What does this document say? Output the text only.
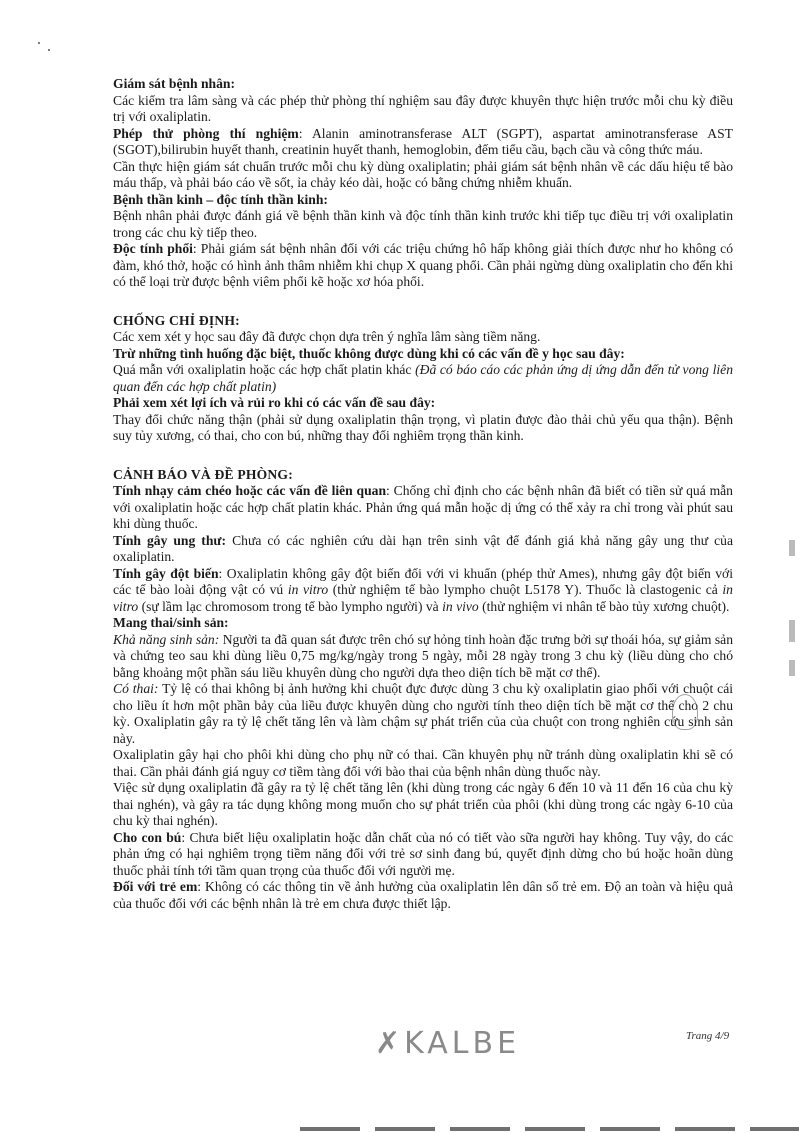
Giám sát bệnh nhân:

Các kiểm tra lâm sàng và các phép thử phòng thí nghiệm sau đây được khuyên thực hiện trước mỗi chu kỳ điều trị với oxaliplatin.

Phép thử phòng thí nghiệm: Alanin aminotransferase ALT (SGPT), aspartat aminotransferase AST (SGOT),bilirubin huyết thanh, creatinin huyết thanh, hemoglobin, đếm tiểu cầu, bạch cầu và công thức máu.

Cần thực hiện giám sát chuẩn trước mỗi chu kỳ dùng oxaliplatin; phải giám sát bệnh nhân về các dấu hiệu tế bào máu thấp, và phải báo cáo về sốt, ỉa chảy kéo dài, hoặc có bằng chứng nhiễm khuẩn.

Bệnh thần kinh – độc tính thần kinh:

Bệnh nhân phải được đánh giá về bệnh thần kinh và độc tính thần kinh trước khi tiếp tục điều trị với oxaliplatin trong các chu kỳ tiếp theo.

Độc tính phổi: Phải giám sát bệnh nhân đối với các triệu chứng hô hấp không giải thích được như ho không có đàm, khó thở, hoặc có hình ảnh thâm nhiễm khi chụp X quang phổi. Cần phải ngừng dùng oxaliplatin cho đến khi có thể loại trừ được bệnh viêm phổi kẽ hoặc xơ hóa phổi.

CHỐNG CHỈ ĐỊNH:

Các xem xét y học sau đây đã được chọn dựa trên ý nghĩa lâm sàng tiềm năng.

Trừ những tình huống đặc biệt, thuốc không được dùng khi có các vấn đề y học sau đây:

Quá mẫn với oxaliplatin hoặc các hợp chất platin khác (Đã có báo cáo các phản ứng dị ứng dẫn đến tử vong liên quan đến các hợp chất platin)

Phải xem xét lợi ích và rủi ro khi có các vấn đề sau đây:

Thay đổi chức năng thận (phải sử dụng oxaliplatin thận trọng, vì platin được đào thải chủ yếu qua thận). Bệnh suy tủy xương, có thai, cho con bú, những thay đổi nghiêm trọng thần kinh.

CẢNH BÁO VÀ ĐỀ PHÒNG:

Tính nhạy cảm chéo hoặc các vấn đề liên quan: Chống chỉ định cho các bệnh nhân đã biết có tiền sử quá mẫn với oxaliplatin hoặc các hợp chất platin khác. Phản ứng quá mẫn hoặc dị ứng có thể xảy ra chỉ trong vài phút sau khi dùng thuốc.

Tính gây ung thư: Chưa có các nghiên cứu dài hạn trên sinh vật để đánh giá khả năng gây ung thư của oxaliplatin.

Tính gây đột biến: Oxaliplatin không gây đột biến đối với vi khuẩn (phép thử Ames), nhưng gây đột biến với các tế bào loài động vật có vú in vitro (thử nghiệm tế bào lympho chuột L5178 Y). Thuốc là clastogenic cả in vitro (sự lầm lạc chromosom trong tế bào lympho người) và in vivo (thử nghiệm vi nhân tế bào tủy xương chuột).

Mang thai/sinh sản:

Khả năng sinh sản: Người ta đã quan sát được trên chó sự hỏng tinh hoàn đặc trưng bởi sự thoái hóa, sự giảm sản và chứng teo sau khi dùng liều 0,75 mg/kg/ngày trong 5 ngày, mỗi 28 ngày trong 3 chu kỳ (liều dùng cho chó bằng khoảng một phần sáu liều khuyên dùng cho người dựa theo diện tích bề mặt cơ thể).

Có thai: Tỷ lệ có thai không bị ảnh hưởng khi chuột đực được dùng 3 chu kỳ oxaliplatin giao phối với chuột cái cho liều ít hơn một phần bảy của liều được khuyên dùng cho người tính theo diện tích bề mặt cơ thể cho 2 chu kỳ. Oxaliplatin gây ra tỷ lệ chết tăng lên và làm chậm sự phát triển của của chuột con trong nghiên cứu sinh sản này.

Oxaliplatin gây hại cho phôi khi dùng cho phụ nữ có thai. Cần khuyên phụ nữ tránh dùng oxaliplatin khi sẽ có thai. Cần phải đánh giá nguy cơ tiềm tàng đối với bào thai của bệnh nhân dùng thuốc này.

Việc sử dụng oxaliplatin đã gây ra tỷ lệ chết tăng lên (khi dùng trong các ngày 6 đến 10 và 11 đến 16 của chu kỳ thai nghén), và gây ra tác dụng không mong muốn cho sự phát triển của phôi (khi dùng trong các ngày 6-10 của chu kỳ thai nghén).

Cho con bú: Chưa biết liệu oxaliplatin hoặc dẫn chất của nó có tiết vào sữa người hay không. Tuy vậy, do các phản ứng có hại nghiêm trọng tiềm năng đối với trẻ sơ sinh đang bú, quyết định dừng cho bú hoặc hoãn dùng thuốc phải tính tới tầm quan trọng của thuốc đối với người mẹ.

Đối với trẻ em: Không có các thông tin về ảnh hưởng của oxaliplatin lên dân số trẻ em. Độ an toàn và hiệu quả của thuốc đối với các bệnh nhân là trẻ em chưa được thiết lập.

✗KALBE	Trang 4/9
